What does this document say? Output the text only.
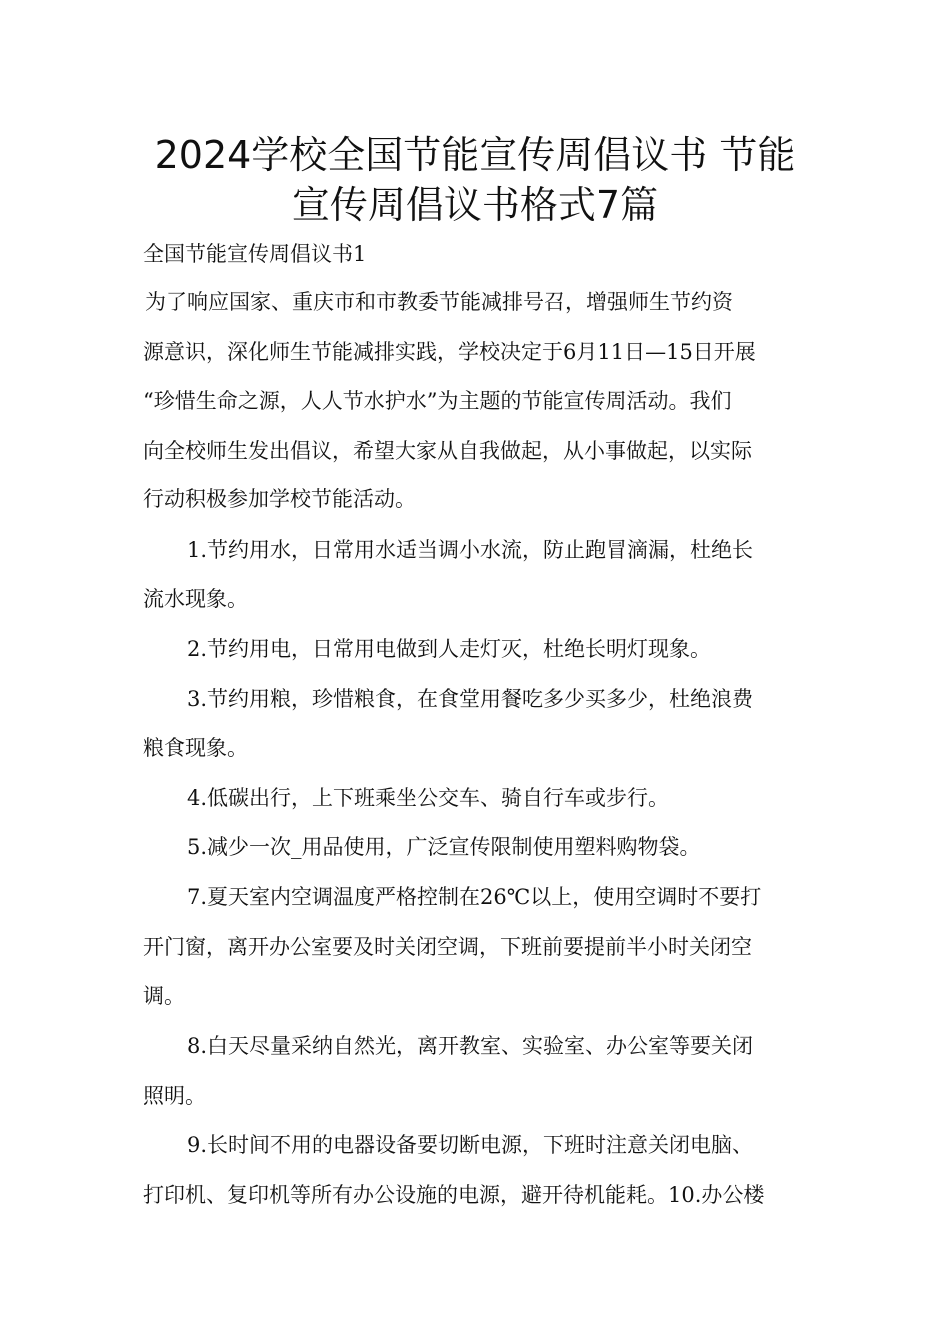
2024学校全国节能宣传周倡议书 节能
宣传周倡议书格式7篇
全国节能宣传周倡议书1
为了响应国家、重庆市和市教委节能减排号召，增强师生节约资
源意识，深化师生节能减排实践，学校决定于6月11日—15日开展
“珍惜生命之源，人人节水护水”为主题的节能宣传周活动。我们
向全校师生发出倡议，希望大家从自我做起，从小事做起，以实际
行动积极参加学校节能活动。
1.节约用水，日常用水适当调小水流，防止跑冒滴漏，杜绝长
流水现象。
2.节约用电，日常用电做到人走灯灭，杜绝长明灯现象。
3.节约用粮，珍惜粮食，在食堂用餐吃多少买多少，杜绝浪费
粮食现象。
4.低碳出行，上下班乘坐公交车、骑自行车或步行。
5.减少一次_用品使用，广泛宣传限制使用塑料购物袋。
7.夏天室内空调温度严格控制在26℃以上，使用空调时不要打
开门窗，离开办公室要及时关闭空调，下班前要提前半小时关闭空
调。
8.白天尽量采纳自然光，离开教室、实验室、办公室等要关闭
照明。
9.长时间不用的电器设备要切断电源，下班时注意关闭电脑、
打印机、复印机等所有办公设施的电源，避开待机能耗。10.办公楼
